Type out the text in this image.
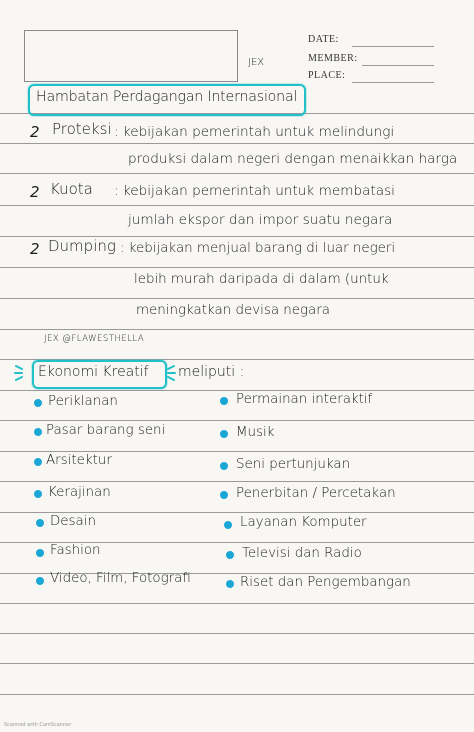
JEX
DATE:
MEMBER:
PLACE:
Hambatan Perdagangan Internasional
2 Proteksi : kebijakan pemerintah untuk melindungi
produksi dalam negeri dengan menaikkan harga
2 Kuota : kebijakan pemerintah untuk membatasi
jumlah ekspor dan impor suatu negara
2 Dumping : kebijakan menjual barang di luar negeri
lebih murah daripada di dalam (untuk
meningkatkan devisa negara
JEX @FLAWESTHELLA
Ekonomi Kreatif meliputi :
Periklanan
Pasar barang seni
Arsitektur
Kerajinan
Desain
Fashion
Video, Film, Fotografi
Permainan interaktif
Musik
Seni pertunjukan
Penerbitan / Percetakan
Layanan Komputer
Televisi dan Radio
Riset dan Pengembangan
Scanned with CamScanner
